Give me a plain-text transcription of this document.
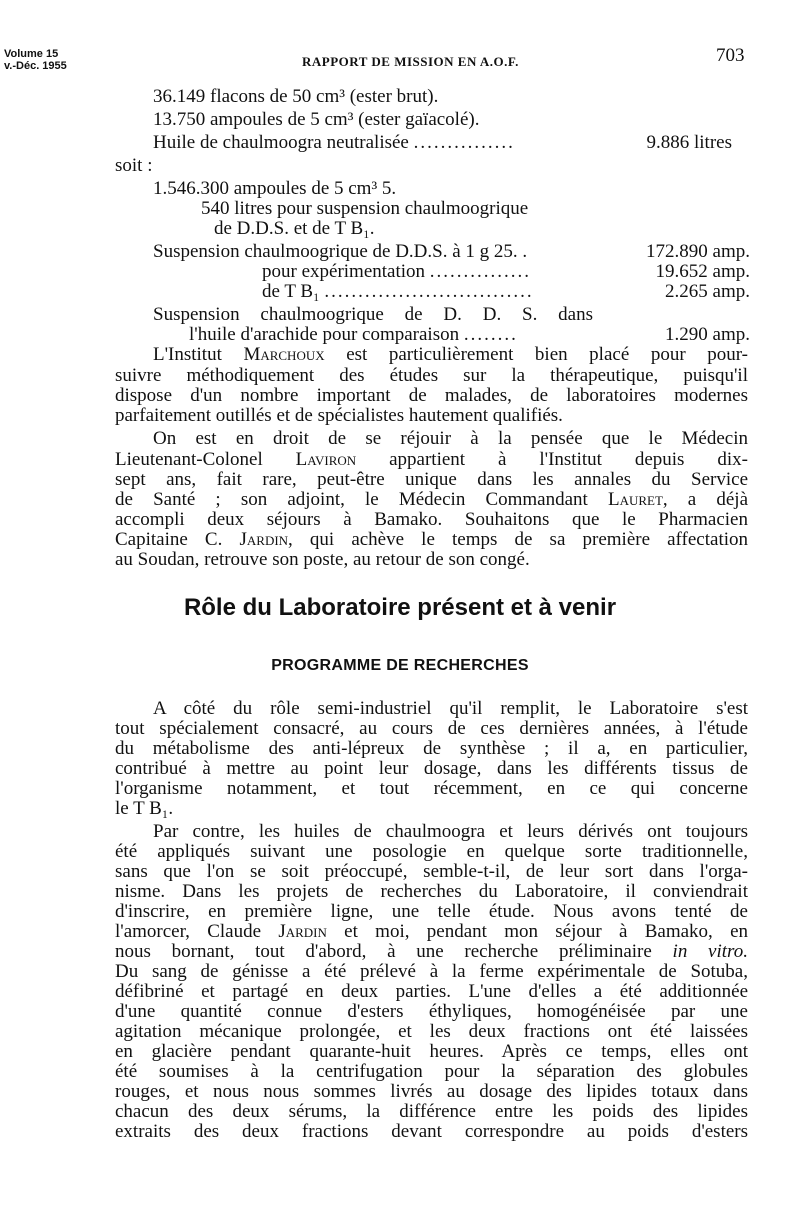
Volume 15
v.-Déc. 1955	RAPPORT DE MISSION EN A.O.F.	703
36.149 flacons de 50 cm³ (ester brut).
13.750 ampoules de 5 cm³ (ester gaïacolé).
Huile de chaulmoogra neutralisée ...............	9.886 litres
soit :
1.546.300 ampoules de 5 cm³ 5.
540 litres pour suspension chaulmoogrique
de D.D.S. et de T B₁.
Suspension chaulmoogrique de D.D.S. à 1 g 25. .	172.890 amp.
pour expérimentation ...............	19.652 amp.
de T B₁ ...............................	2.265 amp.
Suspension chaulmoogrique de D. D. S. dans
l'huile d'arachide pour comparaison ........	1.290 amp.
L'Institut Marchoux est particulièrement bien placé pour pour-
suivre méthodiquement des études sur la thérapeutique, puisqu'il
dispose d'un nombre important de malades, de laboratoires modernes
parfaitement outillés et de spécialistes hautement qualifiés.
On est en droit de se réjouir à la pensée que le Médecin
Lieutenant-Colonel Laviron appartient à l'Institut depuis dix-
sept ans, fait rare, peut-être unique dans les annales du Service
de Santé ; son adjoint, le Médecin Commandant Lauret, a déjà
accompli deux séjours à Bamako. Souhaitons que le Pharmacien
Capitaine C. Jardin, qui achève le temps de sa première affectation
au Soudan, retrouve son poste, au retour de son congé.
Rôle du Laboratoire présent et à venir
PROGRAMME DE RECHERCHES
A côté du rôle semi-industriel qu'il remplit, le Laboratoire s'est
tout spécialement consacré, au cours de ces dernières années, à l'étude
du métabolisme des anti-lépreux de synthèse ; il a, en particulier,
contribué à mettre au point leur dosage, dans les différents tissus de
l'organisme notamment, et tout récemment, en ce qui concerne
le T B₁.
Par contre, les huiles de chaulmoogra et leurs dérivés ont toujours
été appliqués suivant une posologie en quelque sorte traditionnelle,
sans que l'on se soit préoccupé, semble-t-il, de leur sort dans l'orga-
nisme. Dans les projets de recherches du Laboratoire, il conviendrait
d'inscrire, en première ligne, une telle étude. Nous avons tenté de
l'amorcer, Claude Jardin et moi, pendant mon séjour à Bamako, en
nous bornant, tout d'abord, à une recherche préliminaire in vitro.
Du sang de génisse a été prélevé à la ferme expérimentale de Sotuba,
défibriné et partagé en deux parties. L'une d'elles a été additionnée
d'une quantité connue d'esters éthyliques, homogénéisée par une
agitation mécanique prolongée, et les deux fractions ont été laissées
en glacière pendant quarante-huit heures. Après ce temps, elles ont
été soumises à la centrifugation pour la séparation des globules
rouges, et nous nous sommes livrés au dosage des lipides totaux dans
chacun des deux sérums, la différence entre les poids des lipides
extraits des deux fractions devant correspondre au poids d'esters
